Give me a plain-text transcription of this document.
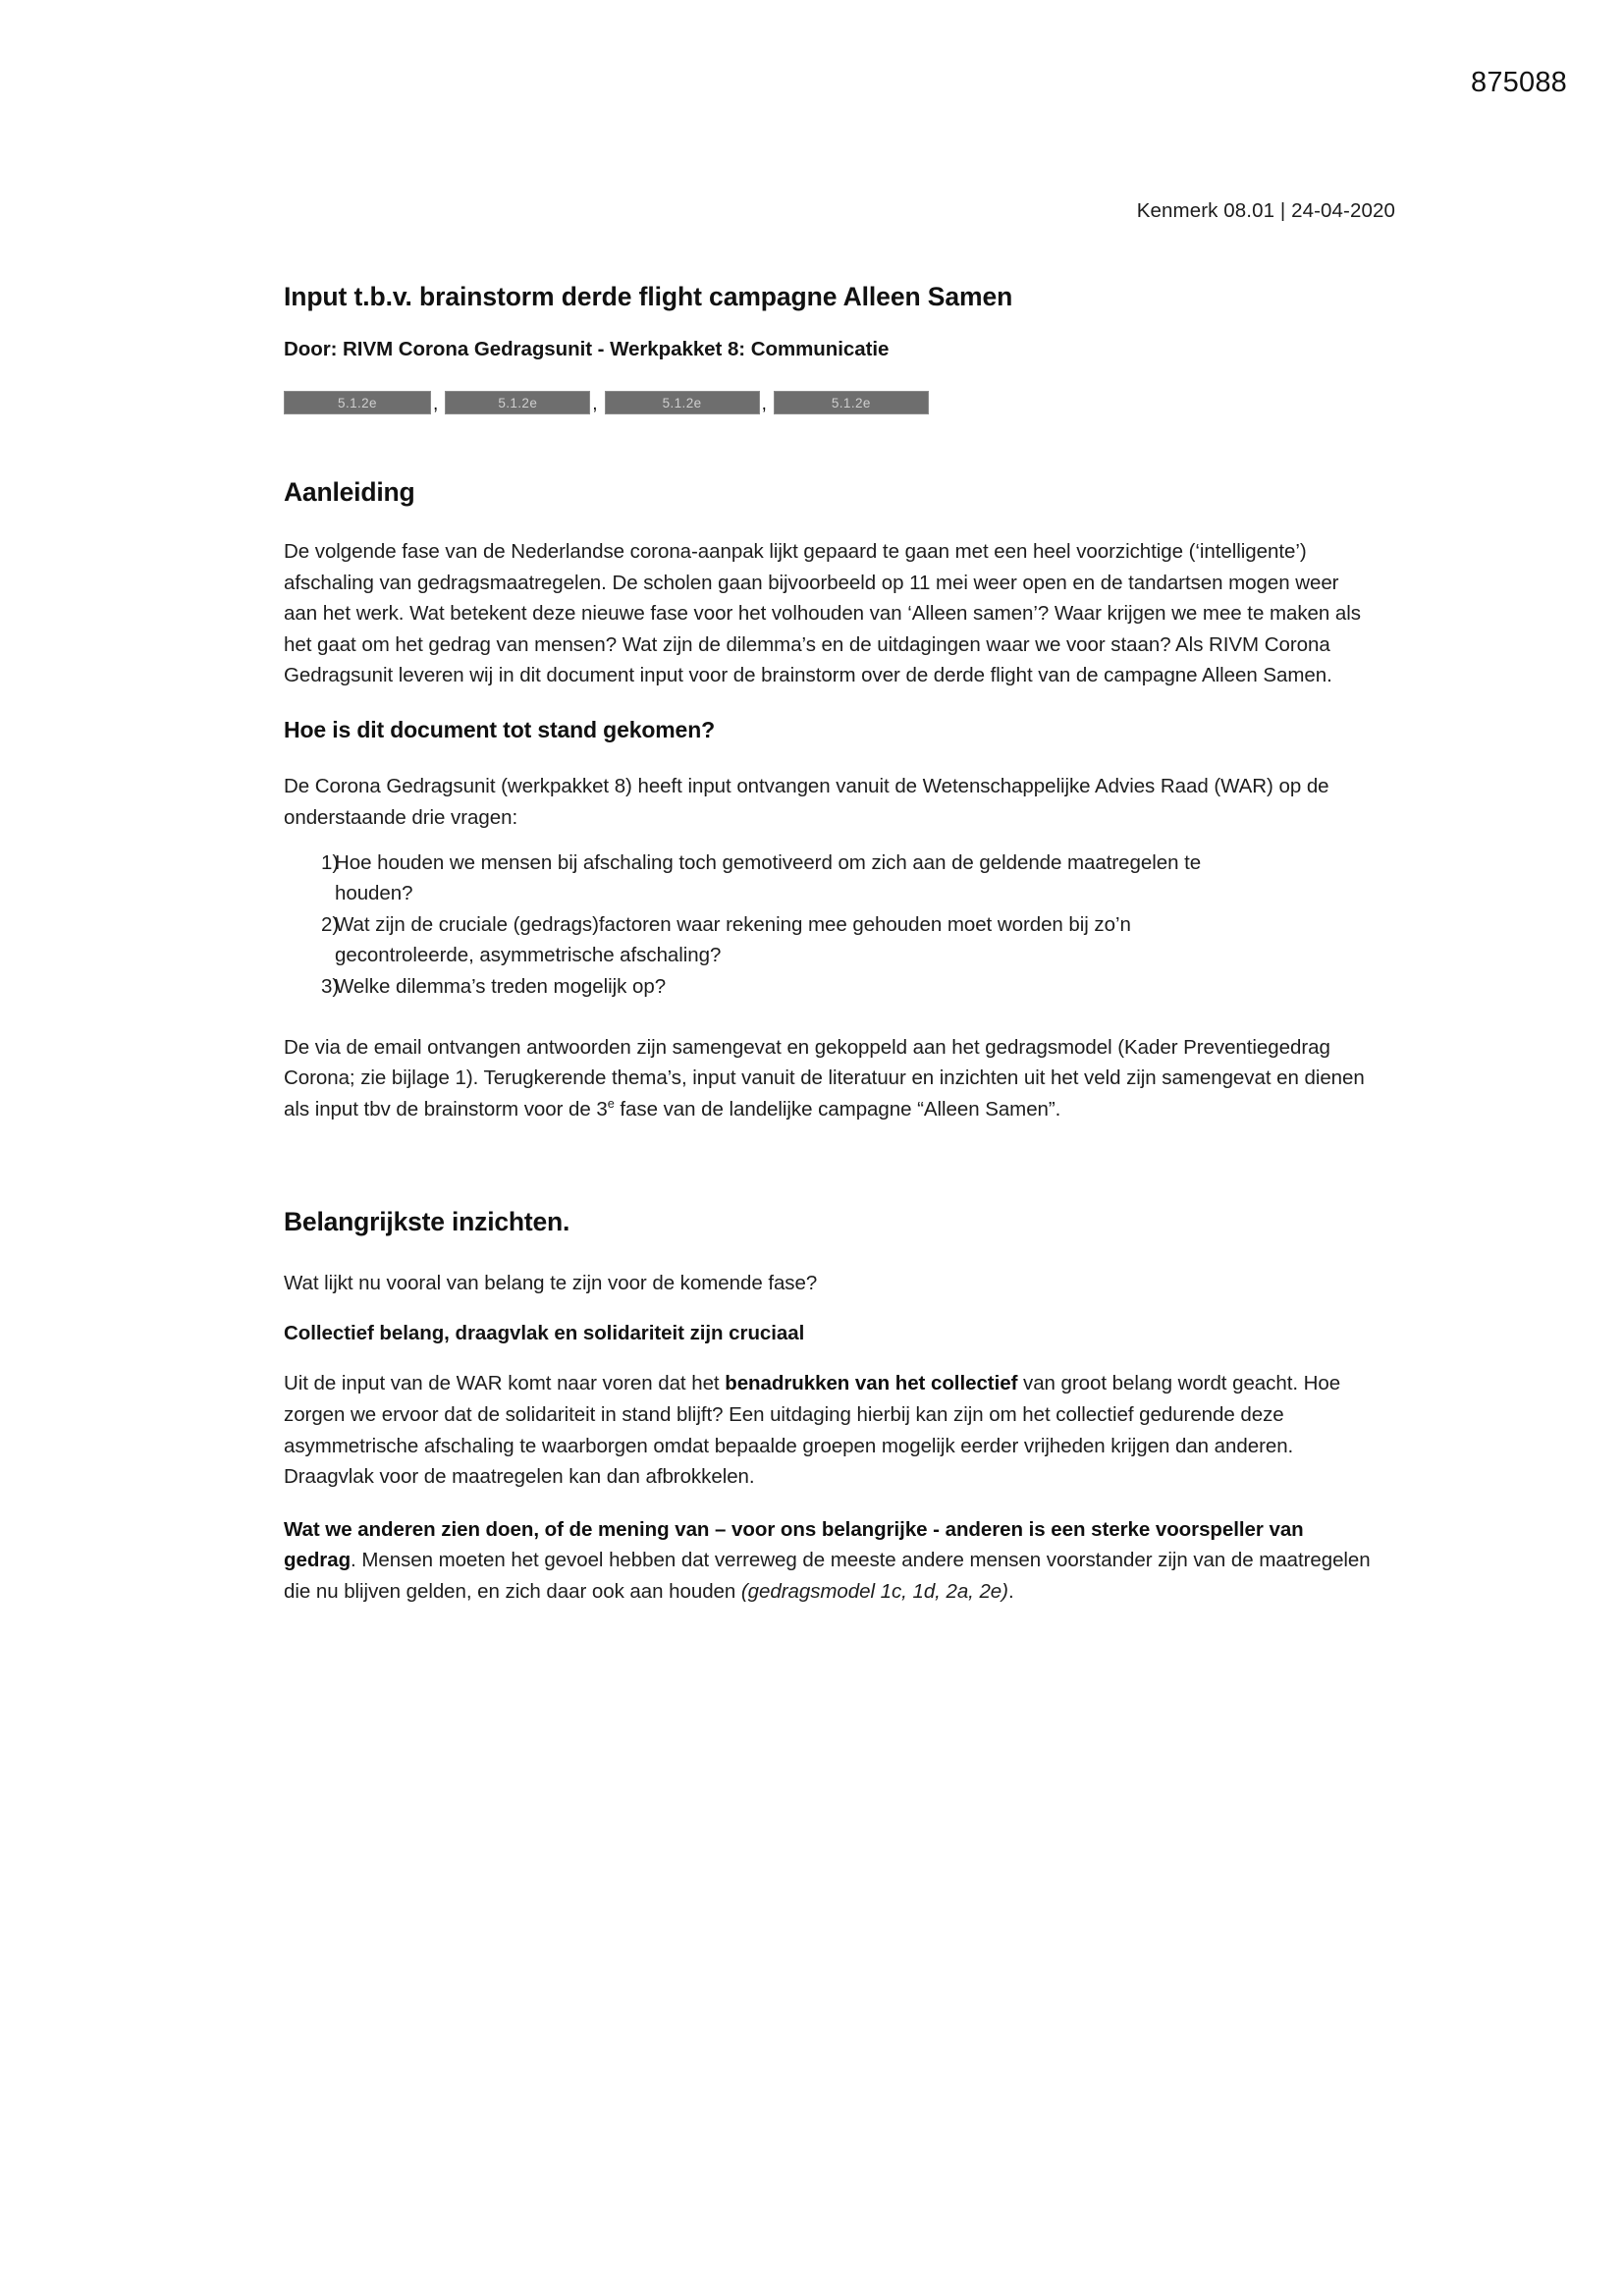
875088
Kenmerk 08.01 | 24-04-2020
Input t.b.v. brainstorm derde flight campagne Alleen Samen
Door: RIVM Corona Gedragsunit - Werkpakket 8: Communicatie
5.1.2e	,	5.1.2e	,	5.1.2e	,	5.1.2e
Aanleiding

De volgende fase van de Nederlandse corona-aanpak lijkt gepaard te gaan met een heel voorzichtige (‘intelligente’) afschaling van gedragsmaatregelen. De scholen gaan bijvoorbeeld op 11 mei weer open en de tandartsen mogen weer aan het werk. Wat betekent deze nieuwe fase voor het volhouden van ‘Alleen samen’? Waar krijgen we mee te maken als het gaat om het gedrag van mensen? Wat zijn de dilemma’s en de uitdagingen waar we voor staan? Als RIVM Corona Gedragsunit leveren wij in dit document input voor de brainstorm over de derde flight van de campagne Alleen Samen.

Hoe is dit document tot stand gekomen?

De Corona Gedragsunit (werkpakket 8) heeft input ontvangen vanuit de Wetenschappelijke Advies Raad (WAR) op de onderstaande drie vragen:

1)
Hoe houden we mensen bij afschaling toch gemotiveerd om zich aan de geldende maatregelen te houden?
2)
Wat zijn de cruciale (gedrags)factoren waar rekening mee gehouden moet worden bij zo’n gecontroleerde, asymmetrische afschaling?
3)
Welke dilemma’s treden mogelijk op?

De via de email ontvangen antwoorden zijn samengevat en gekoppeld aan het gedragsmodel (Kader Preventiegedrag Corona; zie bijlage 1). Terugkerende thema’s, input vanuit de literatuur en inzichten uit het veld zijn samengevat en dienen als input tbv de brainstorm voor de 3e fase van de landelijke campagne “Alleen Samen”.

Belangrijkste inzichten.

Wat lijkt nu vooral van belang te zijn voor de komende fase?

Collectief belang, draagvlak en solidariteit zijn cruciaal

Uit de input van de WAR komt naar voren dat het benadrukken van het collectief van groot belang wordt geacht. Hoe zorgen we ervoor dat de solidariteit in stand blijft? Een uitdaging hierbij kan zijn om het collectief gedurende deze asymmetrische afschaling te waarborgen omdat bepaalde groepen mogelijk eerder vrijheden krijgen dan anderen. Draagvlak voor de maatregelen kan dan afbrokkelen.

Wat we anderen zien doen, of de mening van – voor ons belangrijke - anderen is een sterke voorspeller van gedrag. Mensen moeten het gevoel hebben dat verreweg de meeste andere mensen voorstander zijn van de maatregelen die nu blijven gelden, en zich daar ook aan houden (gedragsmodel 1c, 1d, 2a, 2e).
